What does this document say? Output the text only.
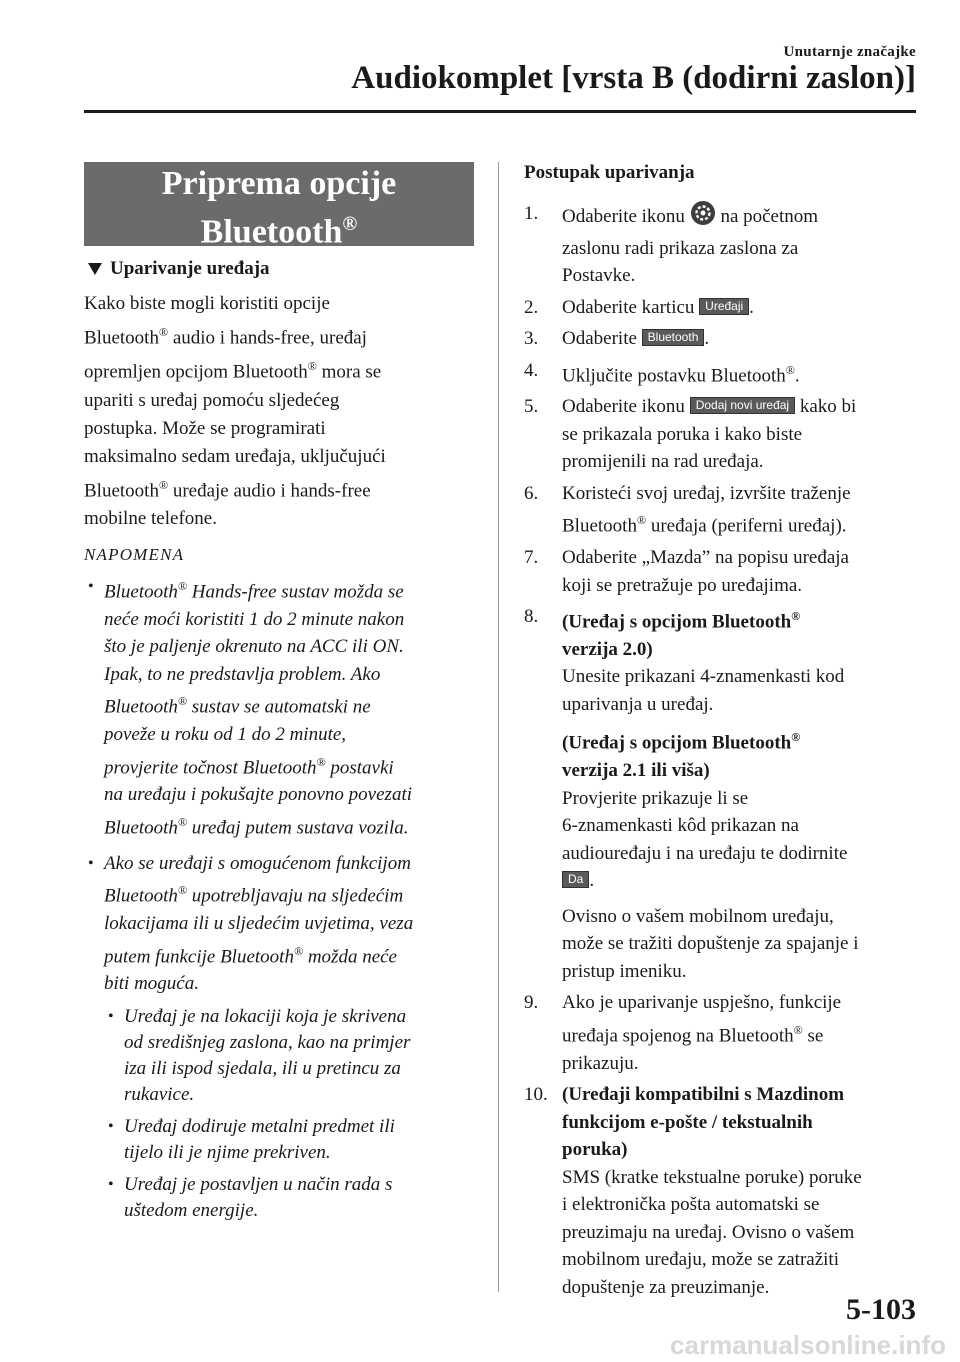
Unutarnje značajke
Audiokomplet [vrsta B (dodirni zaslon)]
Priprema opcije
Bluetooth®
Uparivanje uređaja
Kako biste mogli koristiti opcije
Bluetooth® audio i hands-free, uređaj
opremljen opcijom Bluetooth® mora se
upariti s uređaj pomoću sljedećeg
postupka. Može se programirati
maksimalno sedam uređaja, uključujući
Bluetooth® uređaje audio i hands-free
mobilne telefone.
NAPOMENA
• Bluetooth® Hands-free sustav možda se
neće moći koristiti 1 do 2 minute nakon
što je paljenje okrenuto na ACC ili ON.
Ipak, to ne predstavlja problem. Ako
Bluetooth® sustav se automatski ne
poveže u roku od 1 do 2 minute,
provjerite točnost Bluetooth® postavki
na uređaju i pokušajte ponovno povezati
Bluetooth® uređaj putem sustava vozila.
• Ako se uređaji s omogućenom funkcijom
Bluetooth® upotrebljavaju na sljedećim
lokacijama ili u sljedećim uvjetima, veza
putem funkcije Bluetooth® možda neće
biti moguća.
• Uređaj je na lokaciji koja je skrivena
od središnjeg zaslona, kao na primjer
iza ili ispod sjedala, ili u pretincu za
rukavice.
• Uređaj dodiruje metalni predmet ili
tijelo ili je njime prekriven.
• Uređaj je postavljen u način rada s
uštedom energije.
Postupak uparivanja
1. Odaberite ikonu na početnom
zaslonu radi prikaza zaslona za
Postavke.
2. Odaberite karticu Uređaji .
3. Odaberite Bluetooth .
4. Uključite postavku Bluetooth®.
5. Odaberite ikonu Dodaj novi uređaj kako bi
se prikazala poruka i kako biste
promijenili na rad uređaja.
6. Koristeći svoj uređaj, izvršite traženje
Bluetooth® uređaja (periferni uređaj).
7. Odaberite „Mazda” na popisu uređaja
koji se pretražuje po uređajima.
8. (Uređaj s opcijom Bluetooth®
verzija 2.0)
Unesite prikazani 4-znamenkasti kod
uparivanja u uređaj.
(Uređaj s opcijom Bluetooth®
verzija 2.1 ili viša)
Provjerite prikazuje li se
6-znamenkasti kôd prikazan na
audiouređaju i na uređaju te dodirnite
Da .
Ovisno o vašem mobilnom uređaju,
može se tražiti dopuštenje za spajanje i
pristup imeniku.
9. Ako je uparivanje uspješno, funkcije
uređaja spojenog na Bluetooth® se
prikazuju.
10. (Uređaji kompatibilni s Mazdinom
funkcijom e-pošte / tekstualnih
poruka)
SMS (kratke tekstualne poruke) poruke
i elektronička pošta automatski se
preuzimaju na uređaj. Ovisno o vašem
mobilnom uređaju, može se zatražiti
dopuštenje za preuzimanje.
5-103
carmanualsonline.info
